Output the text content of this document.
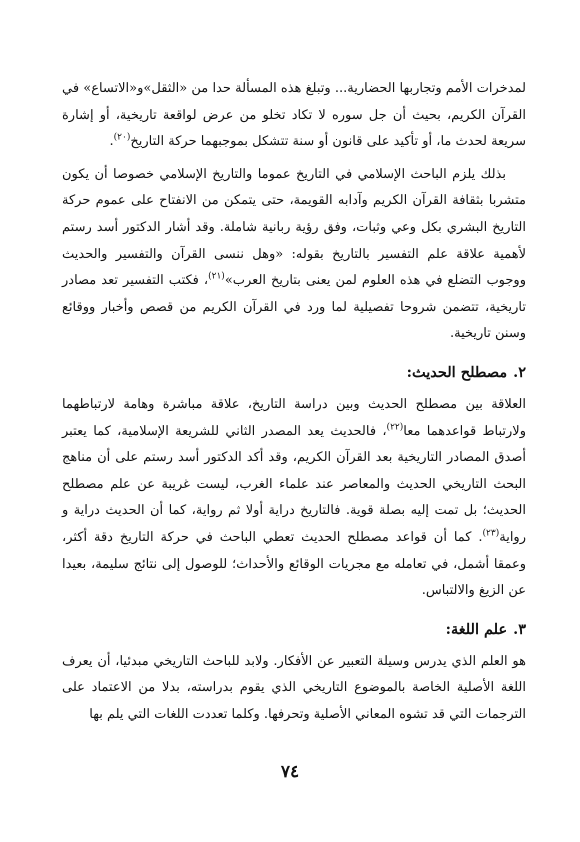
لمدخرات الأمم وتجاربها الحضارية... وتبلغ هذه المسألة حدا من «الثقل»و«الاتساع» في القرآن الكريم، بحيث أن جل سوره لا تكاد تخلو من عرض لواقعة تاريخية، أو إشارة سريعة لحدث ما، أو تأكيد على قانون أو سنة تتشكل بموجبهما حركة التاريخ$^{(٢٠)}$.

بذلك يلزم الباحث الإسلامي في التاريخ عموما والتاريخ الإسلامي خصوصا أن يكون متشربا بثقافة القرآن الكريم وآدابه القويمة، حتى يتمكن من الانفتاح على عموم حركة التاريخ البشري بكل وعي وثبات، وفق رؤية ربانية شاملة. وقد أشار الدكتور أسد رستم لأهمية علاقة علم التفسير بالتاريخ بقوله: «وهل ننسى القرآن والتفسير والحديث ووجوب التضلع في هذه العلوم لمن يعنى بتاريخ العرب»$^{(٢١)}$، فكتب التفسير تعد مصادر تاريخية، تتضمن شروحا تفصيلية لما ورد في القرآن الكريم من قصص وأخبار ووقائع وسنن تاريخية.

٢.
مصطلح الحديث:

العلاقة بين مصطلح الحديث وبين دراسة التاريخ، علاقة مباشرة وهامة لارتباطهما ولارتباط قواعدهما معا$^{(٢٢)}$، فالحديث يعد المصدر الثاني للشريعة الإسلامية، كما يعتبر أصدق المصادر التاريخية بعد القرآن الكريم، وقد أكد الدكتور أسد رستم على أن مناهج البحث التاريخي الحديث والمعاصر عند علماء الغرب، ليست غريبة عن علم مصطلح الحديث؛ بل تمت إليه بصلة قوية. فالتاريخ دراية أولا ثم رواية، كما أن الحديث دراية و رواية$^{(٢٣)}$. كما أن قواعد مصطلح الحديث تعطي الباحث في حركة التاريخ دقة أكثر، وعمقا أشمل، في تعامله مع مجريات الوقائع والأحداث؛ للوصول إلى نتائج سليمة، بعيدا عن الزيغ والالتباس.

٣.
علم اللغة:

هو العلم الذي يدرس وسيلة التعبير عن الأفكار. ولابد للباحث التاريخي مبدئيا، أن يعرف اللغة الأصلية الخاصة بالموضوع التاريخي الذي يقوم بدراسته، بدلا من الاعتماد على الترجمات التي قد تشوه المعاني الأصلية وتحرفها. وكلما تعددت اللغات التي يلم بها

٧٤
